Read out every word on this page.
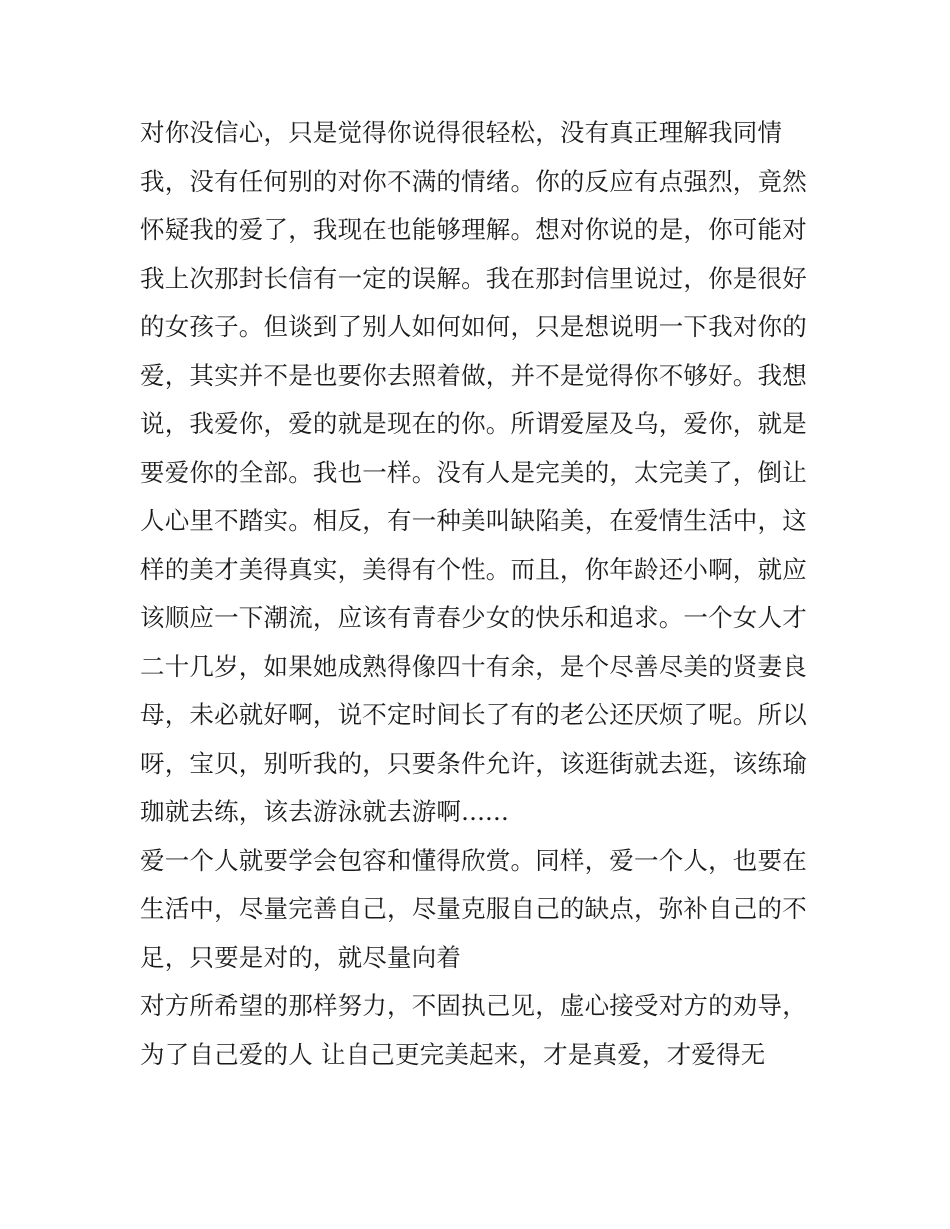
对你没信心，只是觉得你说得很轻松，没有真正理解我同情
我，没有任何别的对你不满的情绪。你的反应有点强烈，竟然
怀疑我的爱了，我现在也能够理解。想对你说的是，你可能对
我上次那封长信有一定的误解。我在那封信里说过，你是很好
的女孩子。但谈到了别人如何如何，只是想说明一下我对你的
爱，其实并不是也要你去照着做，并不是觉得你不够好。我想
说，我爱你，爱的就是现在的你。所谓爱屋及乌，爱你，就是
要爱你的全部。我也一样。没有人是完美的，太完美了，倒让
人心里不踏实。相反，有一种美叫缺陷美，在爱情生活中，这
样的美才美得真实，美得有个性。而且，你年龄还小啊，就应
该顺应一下潮流，应该有青春少女的快乐和追求。一个女人才
二十几岁，如果她成熟得像四十有余，是个尽善尽美的贤妻良
母，未必就好啊，说不定时间长了有的老公还厌烦了呢。所以
呀，宝贝，别听我的，只要条件允许，该逛街就去逛，该练瑜
珈就去练，该去游泳就去游啊......
爱一个人就要学会包容和懂得欣赏。同样，爱一个人，也要在
生活中，尽量完善自己，尽量克服自己的缺点，弥补自己的不
足，只要是对的，就尽量向着
对方所希望的那样努力，不固执己见，虚心接受对方的劝导，
为了自己爱的人 让自己更完美起来，才是真爱，才爱得无
